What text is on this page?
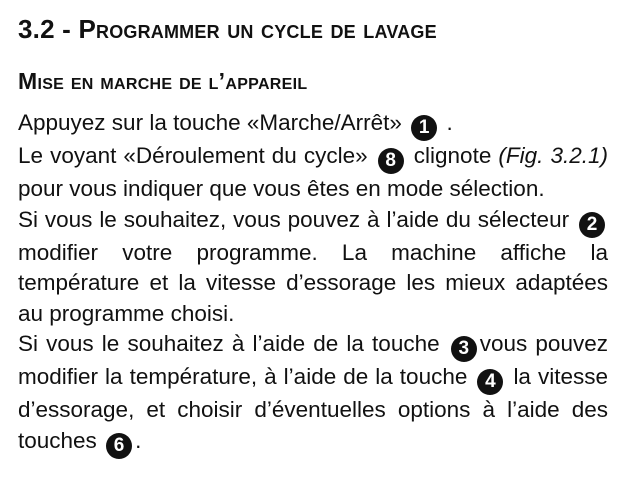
3.2 - Programmer un cycle de lavage
Mise en marche de l’appareil

Appuyez sur la touche «Marche/Arrêt» 1 .

Le voyant «Déroulement du cycle» 8 clignote (Fig. 3.2.1) pour vous indiquer que vous êtes en mode sélection.

Si vous le souhaitez, vous pouvez à l’aide du sélecteur 2modifier votre programme. La machine affiche la température et la vitesse d’essorage les mieux adaptées au programme choisi.

Si vous le souhaitez à l’aide de la touche 3 vous pouvez modifier la température, à l’aide de la touche 4 la vitesse d’essorage, et choisir d’éventuelles options à l’aide des touches 6 .
